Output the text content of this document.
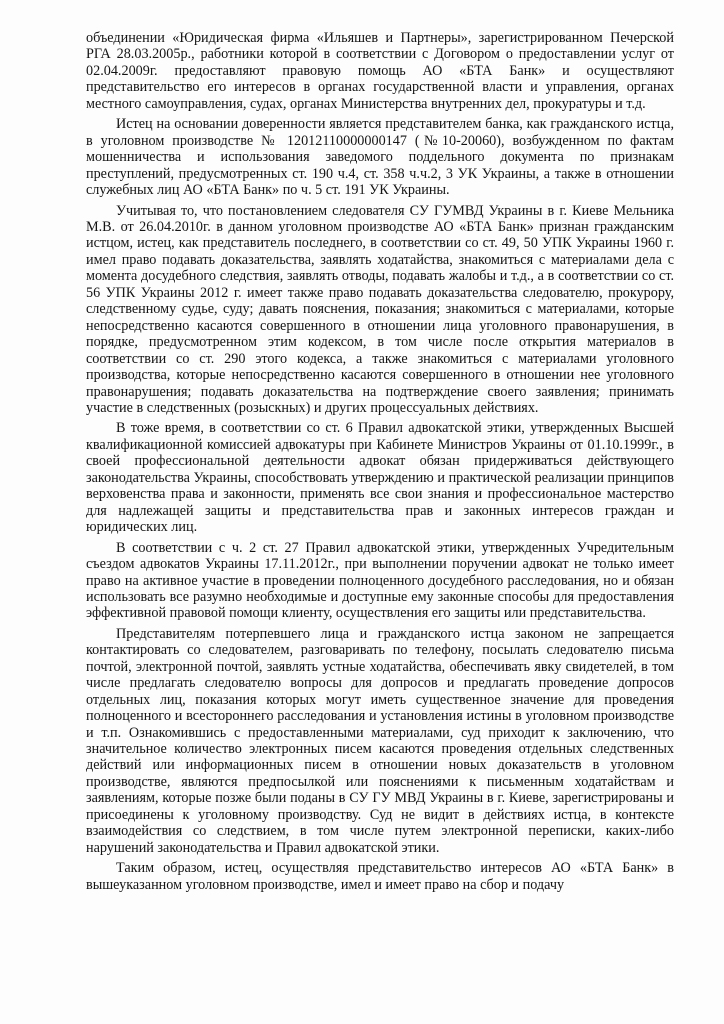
объединении «Юридическая фирма «Ильяшев и Партнеры», зарегистрированном Печерской РГА 28.03.2005р., работники которой в соответствии с Договором о предоставлении услуг от 02.04.2009г. предоставляют правовую помощь АО «БТА Банк» и осуществляют представительство его интересов в органах государственной власти и управления, органах местного самоуправления, судах, органах Министерства внутренних дел, прокуратуры и т.д.

Истец на основании доверенности является представителем банка, как гражданского истца, в уголовном производстве № 12012110000000147 (№10-20060), возбужденном по фактам мошенничества и использования заведомого поддельного документа по признакам преступлений, предусмотренных ст. 190 ч.4, ст. 358 ч.ч.2, 3 УК Украины, а также в отношении служебных лиц АО «БТА Банк» по ч. 5 ст. 191 УК Украины.

Учитывая то, что постановлением следователя СУ ГУМВД Украины в г. Киеве Мельника М.В. от 26.04.2010г. в данном уголовном производстве АО «БТА Банк» признан гражданским истцом, истец, как представитель последнего, в соответствии со ст. 49, 50 УПК Украины 1960 г. имел право подавать доказательства, заявлять ходатайства, знакомиться с материалами дела с момента досудебного следствия, заявлять отводы, подавать жалобы и т.д., а в соответствии со ст. 56 УПК Украины 2012 г. имеет также право подавать доказательства следователю, прокурору, следственному судье, суду; давать пояснения, показания; знакомиться с материалами, которые непосредственно касаются совершенного в отношении лица уголовного правонарушения, в порядке, предусмотренном этим кодексом, в том числе после открытия материалов в соответствии со ст. 290 этого кодекса, а также знакомиться с материалами уголовного производства, которые непосредственно касаются совершенного в отношении нее уголовного правонарушения; подавать доказательства на подтверждение своего заявления; принимать участие в следственных (розыскных) и других процессуальных действиях.

В тоже время, в соответствии со ст. 6 Правил адвокатской этики, утвержденных Высшей квалификационной комиссией адвокатуры при Кабинете Министров Украины от 01.10.1999г., в своей профессиональной деятельности адвокат обязан придерживаться действующего законодательства Украины, способствовать утверждению и практической реализации принципов верховенства права и законности, применять все свои знания и профессиональное мастерство для надлежащей защиты и представительства прав и законных интересов граждан и юридических лиц.

В соответствии с ч. 2 ст. 27 Правил адвокатской этики, утвержденных Учредительным съездом адвокатов Украины 17.11.2012г., при выполнении поручении адвокат не только имеет право на активное участие в проведении полноценного досудебного расследования, но и обязан использовать все разумно необходимые и доступные ему законные способы для предоставления эффективной правовой помощи клиенту, осуществления его защиты или представительства.

Представителям потерпевшего лица и гражданского истца законом не запрещается контактировать со следователем, разговаривать по телефону, посылать следователю письма почтой, электронной почтой, заявлять устные ходатайства, обеспечивать явку свидетелей, в том числе предлагать следователю вопросы для допросов и предлагать проведение допросов отдельных лиц, показания которых могут иметь существенное значение для проведения полноценного и всестороннего расследования и установления истины в уголовном производстве и т.п. Ознакомившись с предоставленными материалами, суд приходит к заключению, что значительное количество электронных писем касаются проведения отдельных следственных действий или информационных писем в отношении новых доказательств в уголовном производстве, являются предпосылкой или пояснениями к письменным ходатайствам и заявлениям, которые позже были поданы в СУ ГУ МВД Украины в г. Киеве, зарегистрированы и присоединены к уголовному производству. Суд не видит в действиях истца, в контексте взаимодействия со следствием, в том числе путем электронной переписки, каких-либо нарушений законодательства и Правил адвокатской этики.

Таким образом, истец, осуществляя представительство интересов АО «БТА Банк» в вышеуказанном уголовном производстве, имел и имеет право на сбор и подачу
